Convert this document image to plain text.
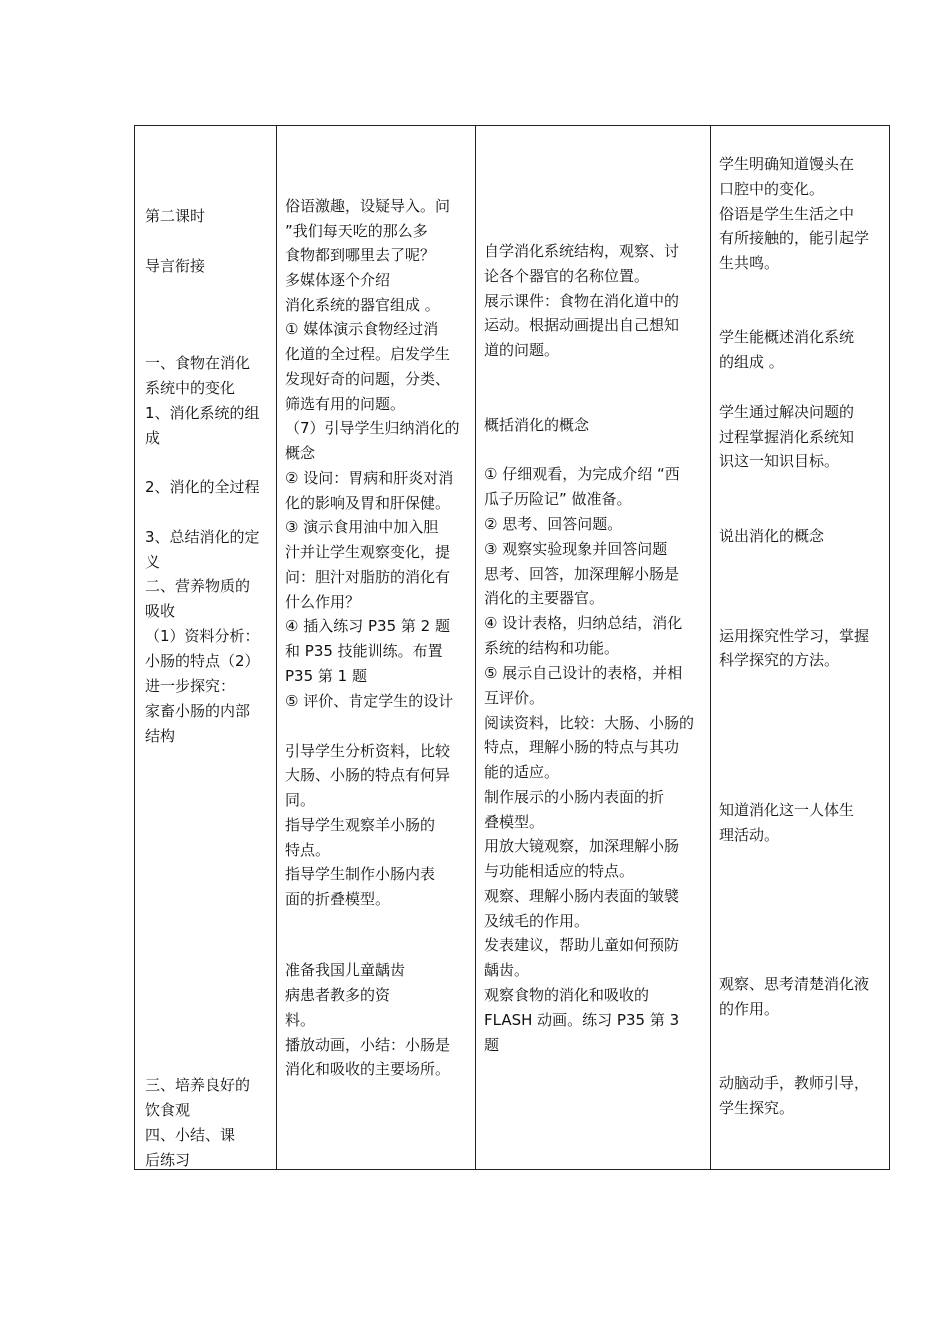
第二课时
导言衔接
一、食物在消化
系统中的变化
1、消化系统的组
成
2、消化的全过程
3、总结消化的定
义
二、营养物质的
吸收
（1）资料分析：
小肠的特点（2）
进一步探究：
家畜小肠的内部
结构
三、培养良好的
饮食观
四、小结、课
后练习
俗语激趣，设疑导入。问
”我们每天吃的那么多
食物都到哪里去了呢？
多媒体逐个介绍
消化系统的器官组成 。
① 媒体演示食物经过消
化道的全过程。启发学生
发现好奇的问题，分类、
筛选有用的问题。
（7）引导学生归纳消化的
概念
② 设问：胃病和肝炎对消
化的影响及胃和肝保健。
③ 演示食用油中加入胆
汁并让学生观察变化，提
问：胆汁对脂肪的消化有
什么作用？
④ 插入练习 P35 第 2 题
和 P35 技能训练。布置
P35 第 1 题
⑤ 评价、肯定学生的设计
引导学生分析资料，比较
大肠、小肠的特点有何异
同。
指导学生观察羊小肠的
特点。
指导学生制作小肠内表
面的折叠模型。
准备我国儿童龋齿
病患者教多的资
料。
播放动画，小结：小肠是
消化和吸收的主要场所。
自学消化系统结构，观察、讨
论各个器官的名称位置。
展示课件：食物在消化道中的
运动。根据动画提出自己想知
道的问题。
概括消化的概念
① 仔细观看，为完成介绍 “西
瓜子历险记” 做准备。
② 思考、回答问题。
③ 观察实验现象并回答问题
思考、回答，加深理解小肠是
消化的主要器官。
④ 设计表格，归纳总结，消化
系统的结构和功能。
⑤ 展示自己设计的表格，并相
互评价。
阅读资料，比较：大肠、小肠的
特点，理解小肠的特点与其功
能的适应。
制作展示的小肠内表面的折
叠模型。
用放大镜观察，加深理解小肠
与功能相适应的特点。
观察、理解小肠内表面的皱襞
及绒毛的作用。
发表建议，帮助儿童如何预防
龋齿。
观察食物的消化和吸收的
FLASH 动画。练习 P35 第 3
题
学生明确知道馒头在
口腔中的变化。
俗语是学生生活之中
有所接触的，能引起学
生共鸣。
学生能概述消化系统
的组成 。
学生通过解决问题的
过程掌握消化系统知
识这一知识目标。
说出消化的概念
运用探究性学习，掌握
科学探究的方法。
知道消化这一人体生
理活动。
观察、思考清楚消化液
的作用。
动脑动手，教师引导，
学生探究。
